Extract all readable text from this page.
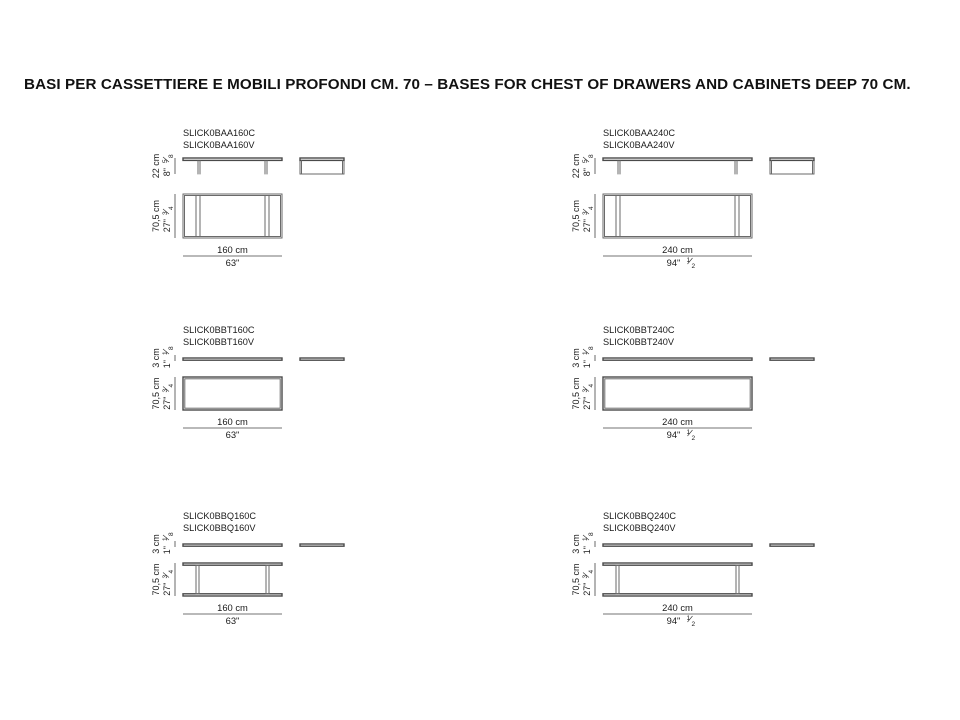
BASI PER CASSETTIERE E MOBILI PROFONDI CM. 70 – BASES FOR CHEST OF DRAWERS AND CABINETS DEEP 70 CM.
SLICK0BAA160C
SLICK0BAA160V
22 cm 8"
5
8
70,5 cm 27"
3
4
160 cm
63"
SLICK0BAA240C
SLICK0BAA240V
22 cm 8"
5
8
70,5 cm 27"
3
4
240 cm
94" 1
2
SLICK0BBT160C
SLICK0BBT160V
3 cm 1"
1
8
70,5 cm 27"
3
4
160 cm
63"
SLICK0BBT240C
SLICK0BBT240V
3 cm 1"
1
8
70,5 cm 27"
3
4
240 cm
94" 1
2
SLICK0BBQ160C
SLICK0BBQ160V
3 cm 1"
1
8
70,5 cm 27"
3
4
160 cm
63"
SLICK0BBQ240C
SLICK0BBQ240V
3 cm 1"
1
8
70,5 cm 27"
3
4
240 cm
94" 1
2
